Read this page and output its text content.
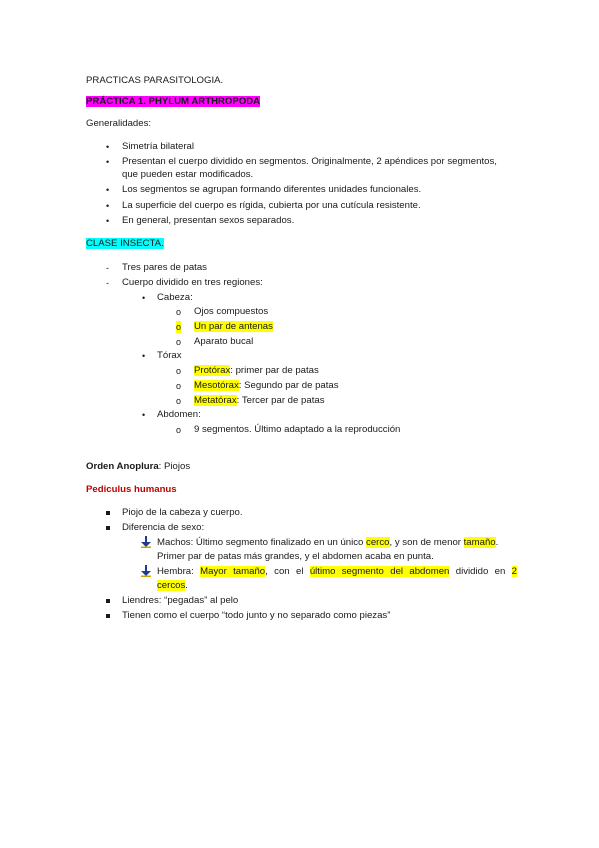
PRACTICAS PARASITOLOGIA.
PRÁCTICA 1. PHYLUM ARTHROPODA
Generalidades:
• Simetría bilateral
• Presentan el cuerpo dividido en segmentos. Originalmente, 2 apéndices por segmentos,
que pueden estar modificados.
• Los segmentos se agrupan formando diferentes unidades funcionales.
• La superficie del cuerpo es rígida, cubierta por una cutícula resistente.
• En general, presentan sexos separados.
CLASE INSECTA.
- Tres pares de patas
- Cuerpo dividido en tres regiones:
• Cabeza:
o Ojos compuestos
o Un par de antenas
o Aparato bucal
• Tórax
o Protórax: primer par de patas
o Mesotórax: Segundo par de patas
o Metatórax: Tercer par de patas
• Abdomen:
o 9 segmentos. Último adaptado a la reproducción
Orden Anoplura: Piojos
Pediculus humanus
Piojo de la cabeza y cuerpo.
Diferencia de sexo:
Machos: Último segmento finalizado en un único cerco, y son de menor tamaño.
Primer par de patas más grandes, y el abdomen acaba en punta.
Hembra: Mayor tamaño, con el último segmento del abdomen dividido en 2
cercos.
Liendres: “pegadas” al pelo
Tienen como el cuerpo “todo junto y no separado como piezas”
